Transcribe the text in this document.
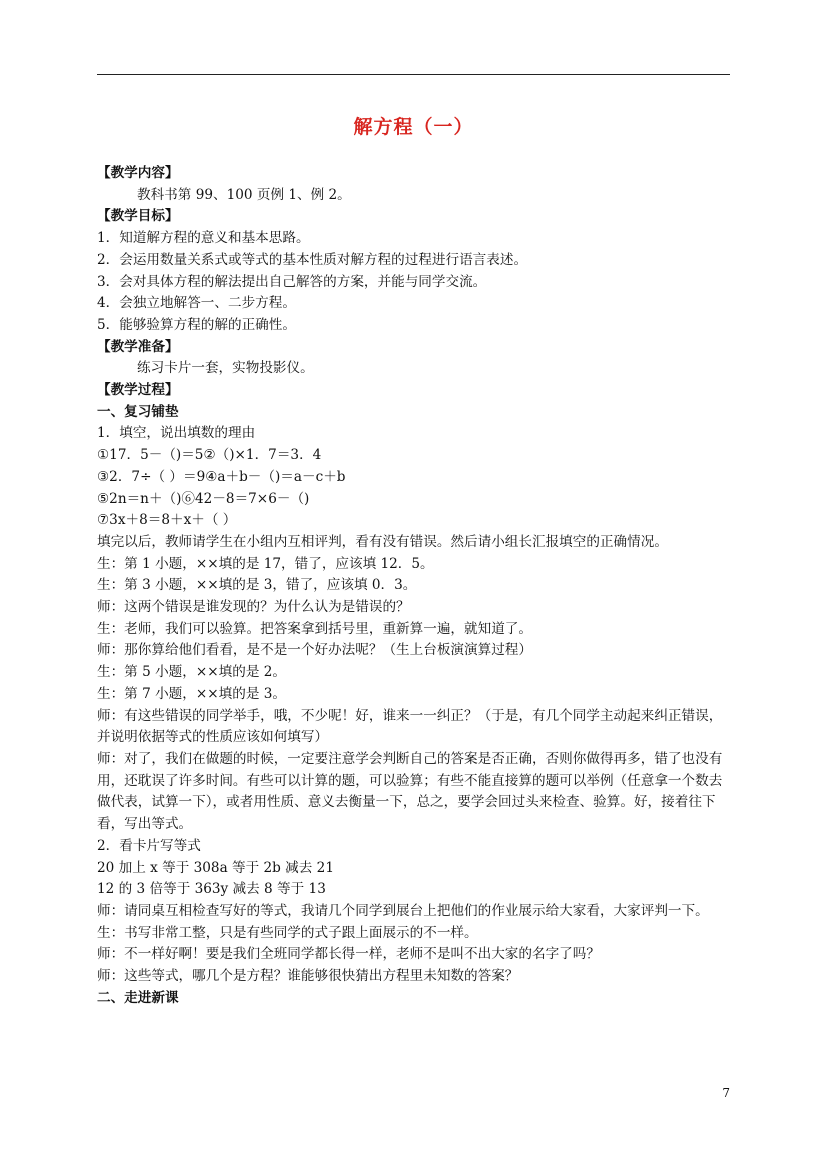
解方程（一）
【教学内容】
教科书第 99、100 页例 1、例 2。
【教学目标】
1．知道解方程的意义和基本思路。
2．会运用数量关系式或等式的基本性质对解方程的过程进行语言表述。
3．会对具体方程的解法提出自己解答的方案，并能与同学交流。
4．会独立地解答一、二步方程。
5．能够验算方程的解的正确性。
【教学准备】
练习卡片一套，实物投影仪。
【教学过程】
一、复习铺垫
1．填空，说出填数的理由
①17．5－（)＝5②（)×1．7＝3．4
③2．7÷（ ）＝9④a＋b－（)＝a－c＋b
⑤2n＝n＋（)⑥42－8＝7×6－（)
⑦3x＋8＝8＋x＋（ ）
填完以后，教师请学生在小组内互相评判，看有没有错误。然后请小组长汇报填空的正确情况。
生：第 1 小题，××填的是 17，错了，应该填 12．5。
生：第 3 小题，××填的是 3，错了，应该填 0．3。
师：这两个错误是谁发现的？为什么认为是错误的？
生：老师，我们可以验算。把答案拿到括号里，重新算一遍，就知道了。
师：那你算给他们看看，是不是一个好办法呢？（生上台板演演算过程）
生：第 5 小题，××填的是 2。
生：第 7 小题，××填的是 3。
师：有这些错误的同学举手，哦，不少呢！好，谁来一一纠正？（于是，有几个同学主动起来纠正错误，并说明依据等式的性质应该如何填写）
师：对了，我们在做题的时候，一定要注意学会判断自己的答案是否正确，否则你做得再多，错了也没有用，还耽误了许多时间。有些可以计算的题，可以验算；有些不能直接算的题可以举例（任意拿一个数去做代表，试算一下），或者用性质、意义去衡量一下，总之，要学会回过头来检查、验算。好，接着往下看，写出等式。
2．看卡片写等式
20 加上 x 等于 308a 等于 2b 减去 21
12 的 3 倍等于 363y 减去 8 等于 13
师：请同桌互相检查写好的等式，我请几个同学到展台上把他们的作业展示给大家看，大家评判一下。
生：书写非常工整，只是有些同学的式子跟上面展示的不一样。
师：不一样好啊！要是我们全班同学都长得一样，老师不是叫不出大家的名字了吗？
师：这些等式，哪几个是方程？谁能够很快猜出方程里未知数的答案？
二、走进新课
7
